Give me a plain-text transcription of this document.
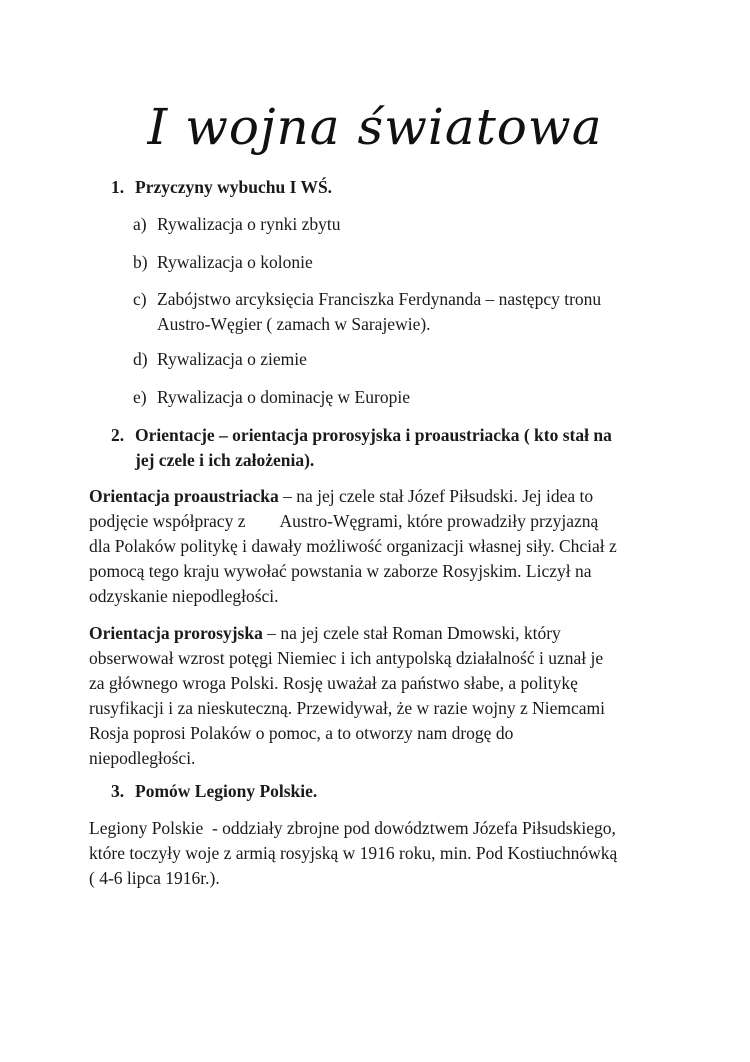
I wojna światowa
1. Przyczyny wybuchu I WŚ.
a) Rywalizacja o rynki zbytu
b) Rywalizacja o kolonie
c) Zabójstwo arcyksięcia Franciszka Ferdynanda – następcy tronu
Austro-Węgier ( zamach w Sarajewie).
d) Rywalizacja o ziemie
e) Rywalizacja o dominację w Europie
2. Orientacje – orientacja prorosyjska i proaustriacka ( kto stał na
jej czele i ich założenia).
Orientacja proaustriacka – na jej czele stał Józef Piłsudski. Jej idea to
podjęcie współpracy z        Austro-Węgrami, które prowadziły przyjazną
dla Polaków politykę i dawały możliwość organizacji własnej siły. Chciał z
pomocą tego kraju wywołać powstania w zaborze Rosyjskim. Liczył na
odzyskanie niepodległości.
Orientacja prorosyjska – na jej czele stał Roman Dmowski, który
obserwował wzrost potęgi Niemiec i ich antypolską działalność i uznał je
za głównego wroga Polski. Rosję uważał za państwo słabe, a politykę
rusyfikacji i za nieskuteczną. Przewidywał, że w razie wojny z Niemcami
Rosja poprosi Polaków o pomoc, a to otworzy nam drogę do
niepodległości.
3. Pomów Legiony Polskie.
Legiony Polskie  - oddziały zbrojne pod dowództwem Józefa Piłsudskiego,
które toczyły woje z armią rosyjską w 1916 roku, min. Pod Kostiuchnówką
( 4-6 lipca 1916r.).
